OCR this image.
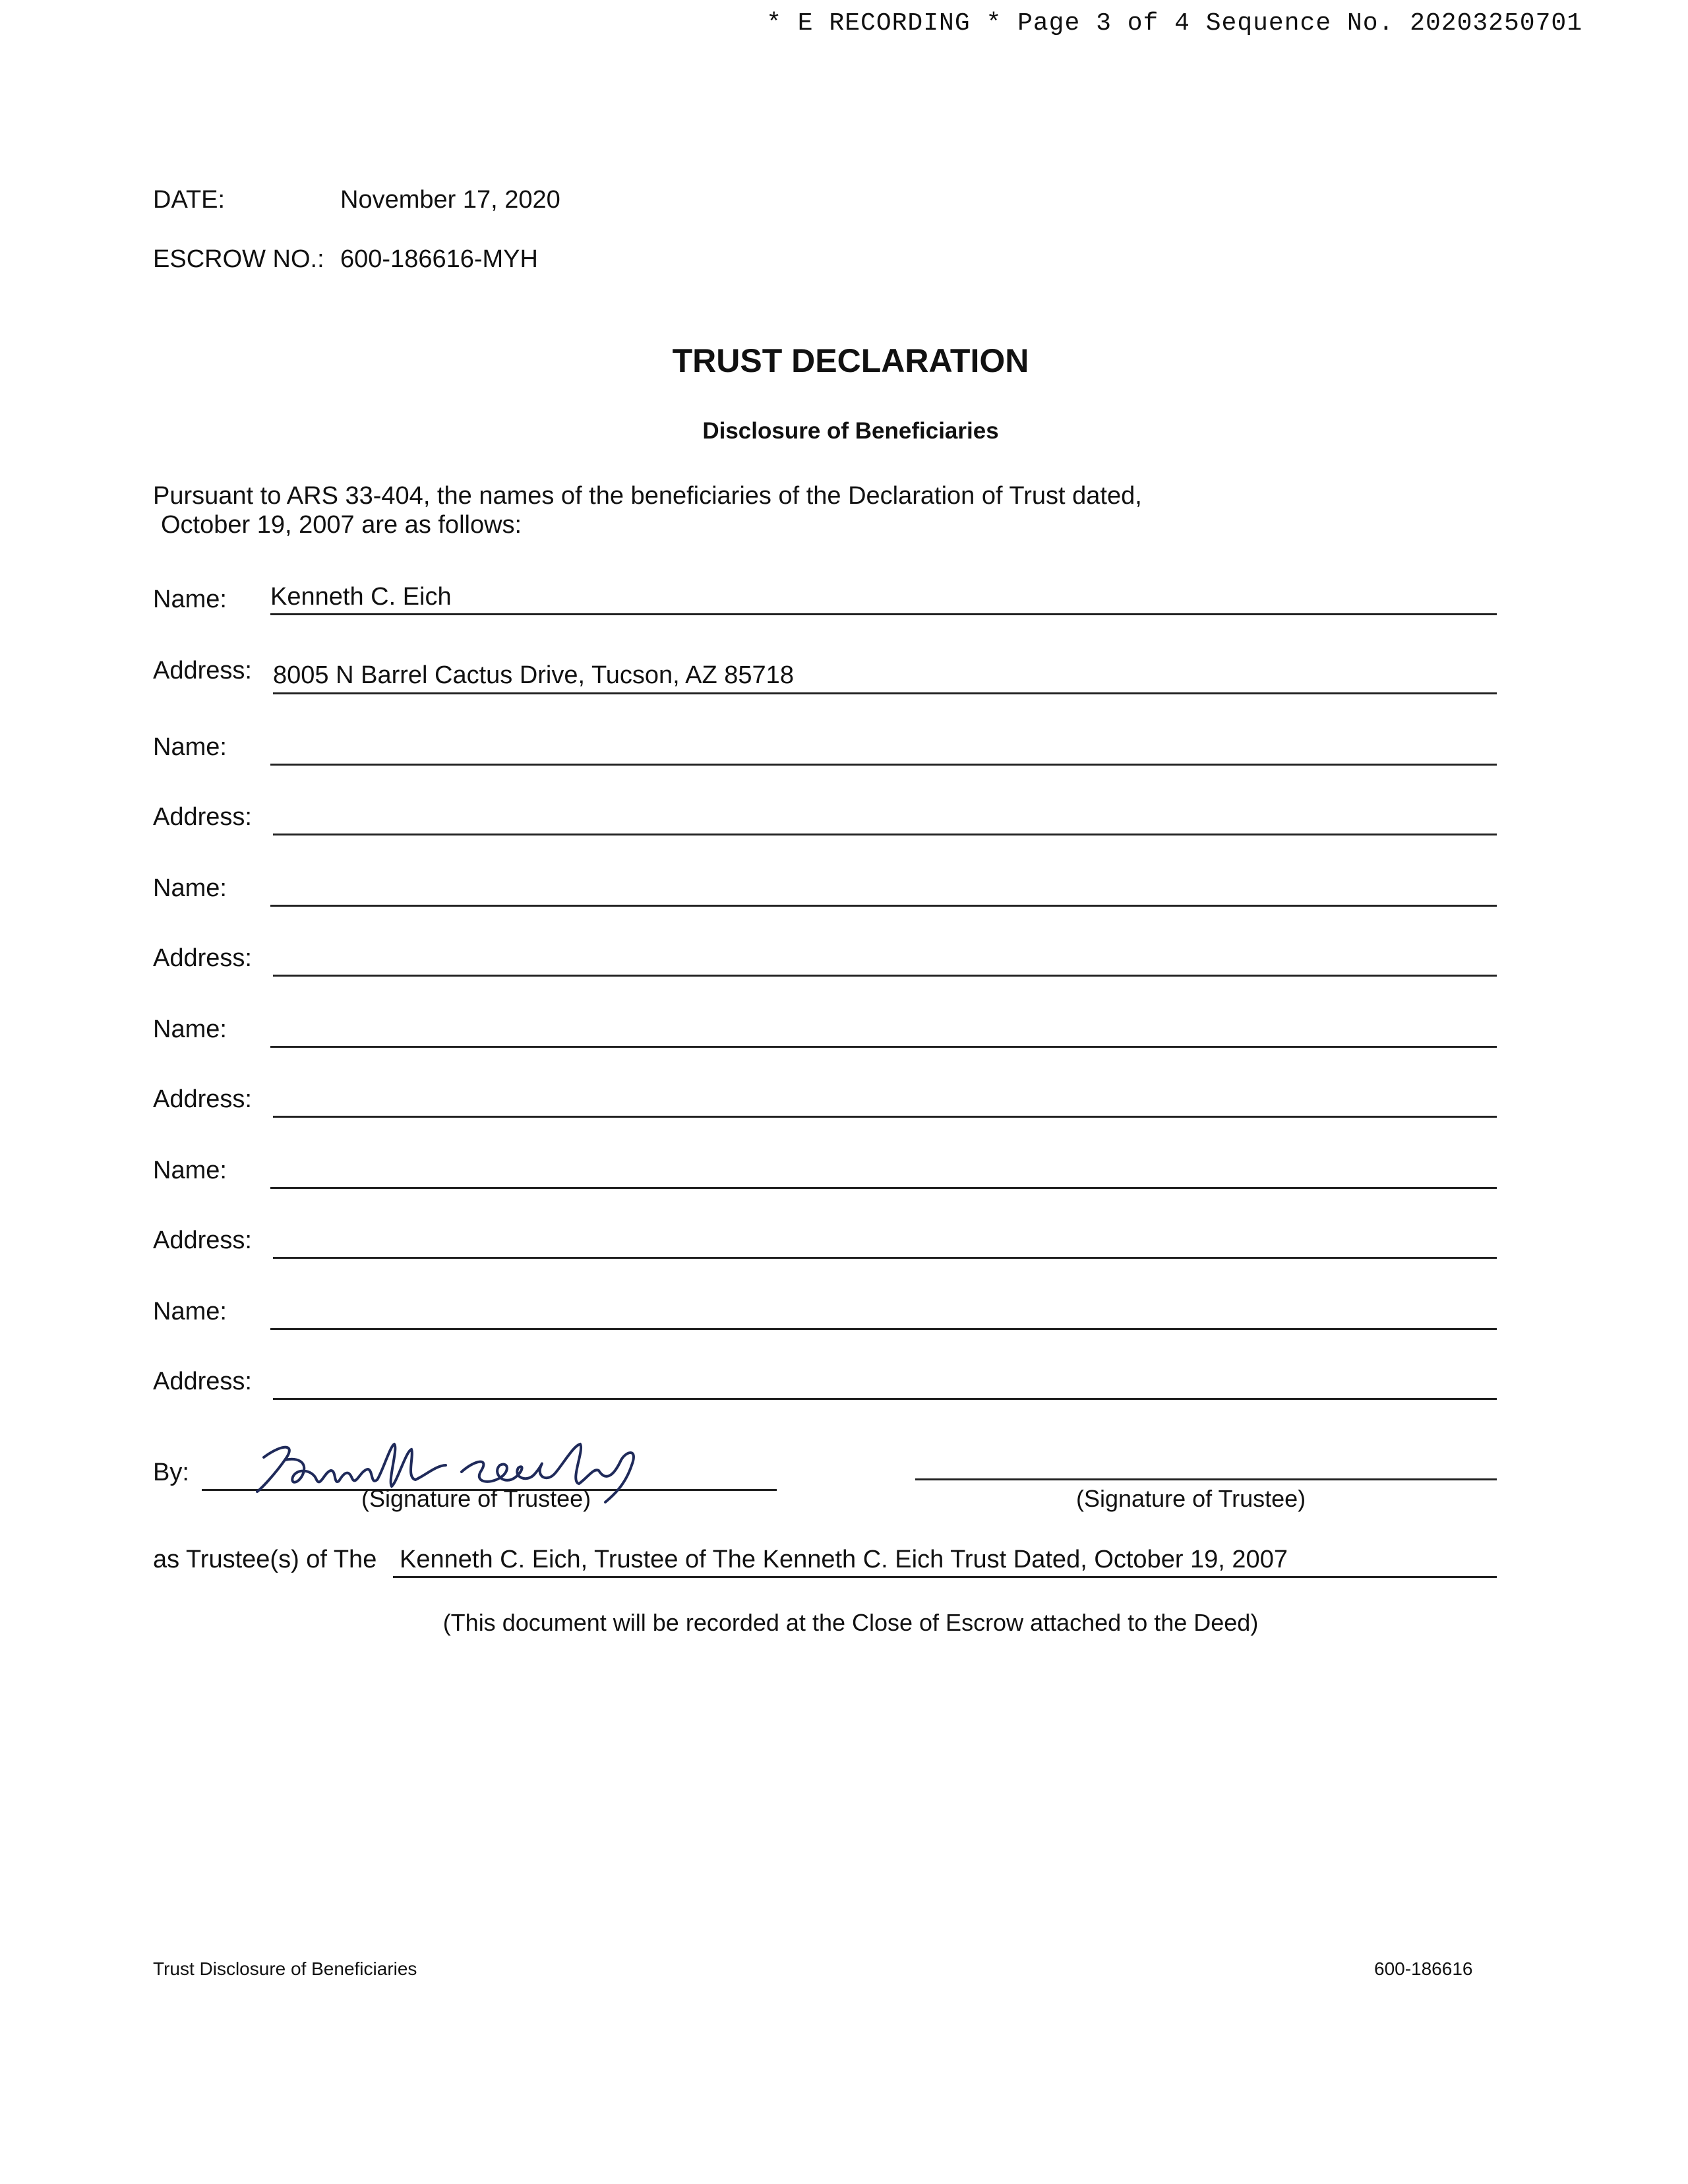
* E RECORDING * Page 3 of 4 Sequence No. 20203250701
DATE:	November 17, 2020
ESCROW NO.: 600-186616-MYH
TRUST DECLARATION
Disclosure of Beneficiaries
Pursuant to ARS 33-404, the names of the beneficiaries of the Declaration of Trust dated,
October 19, 2007 are as follows:
Name: Kenneth C. Eich
Address: 8005 N Barrel Cactus Drive, Tucson, AZ 85718
Name:
Address:
Name:
Address:
Name:
Address:
Name:
Address:
Name:
Address:
By:
(Signature of Trustee)	(Signature of Trustee)
as Trustee(s) of The Kenneth C. Eich, Trustee of The Kenneth C. Eich Trust Dated, October 19, 2007
(This document will be recorded at the Close of Escrow attached to the Deed)
Trust Disclosure of Beneficiaries	600-186616
